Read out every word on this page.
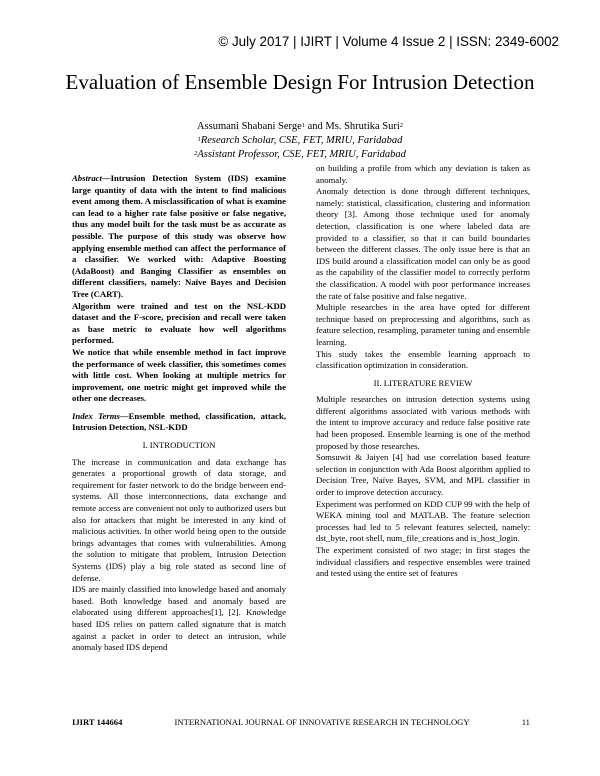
© July 2017 | IJIRT | Volume 4 Issue 2 | ISSN: 2349-6002
Evaluation of Ensemble Design For Intrusion Detection
Assumani Shabani Serge$^1$ and Ms. Shrutika Suri$^2$
$^1$Research Scholar, CSE, FET, MRIU, Faridabad
$^2$Assistant Professor, CSE, FET, MRIU, Faridabad

Abstract—Intrusion Detection System (IDS) examine large quantity of data with the intent to find malicious event among them. A misclassification of what is examine can lead to a higher rate false positive or false negative, thus any model built for the task must be as accurate as possible. The purpose of this study was observe how applying ensemble method can affect the performance of a classifier. We worked with: Adaptive Boosting (AdaBoost) and Banging Classifier as ensembles on different classifiers, namely: Naïve Bayes and Decision Tree (CART).

Algorithm were trained and test on the NSL-KDD dataset and the F-score, precision and recall were taken as base metric to evaluate how well algorithms performed.

We notice that while ensemble method in fact improve the performance of week classifier, this sometimes comes with little cost. When looking at multiple metrics for improvement, one metric might get improved while the other one decreases.

Index Terms—Ensemble method, classification, attack, Intrusion Detection, NSL-KDD

I. INTRODUCTION

The increase in communication and data exchange has generates a proportional growth of data storage, and requirement for faster network to do the bridge between end-systems. All those interconnections, data exchange and remote access are convenient not only to authorized users but also for attackers that might be interested in any kind of malicious activities. In other world being open to the outside brings advantages that comes with vulnerabilities. Among the solution to mitigate that problem, Intrusion Detection Systems (IDS) play a big role stated as second line of defense.

IDS are mainly classified into knowledge based and anomaly based. Both knowledge based and anomaly based are elaborated using different approaches[1], [2]. Knowledge based IDS relies on pattern called signature that is match against a packet in order to detect an intrusion, while anomaly based IDS depend

on building a profile from which any deviation is taken as anomaly.

Anomaly detection is done through different techniques, namely: statistical, classification, clustering and information theory [3]. Among those technique used for anomaly detection, classification is one where labeled data are provided to a classifier, so that it can build boundaries between the different classes. The only issue here is that an IDS build around a classification model can only be as good as the capability of the classifier model to correctly perform the classification. A model with poor performance increases the rate of false positive and false negative.

Multiple researches in the area have opted for different technique based on preprocessing and algorithms, such as feature selection, resampling, parameter tuning and ensemble learning.

This study takes the ensemble learning approach to classification optimization in consideration.

II. LITERATURE REVIEW

Multiple researches on intrusion detection systems using different algorithms associated with various methods with the intent to improve accuracy and reduce false positive rate had been proposed. Ensemble learning is one of the method proposed by those researches.

Somsuwit & Jaiyen [4] had use correlation based feature selection in conjunction with Ada Boost algorithm applied to Decision Tree, Naïve Bayes, SVM, and MPL classifier in order to improve detection accuracy.

Experiment was performed on KDD CUP 99 with the help of WEKA mining tool and MATLAB. The feature selection processes had led to 5 relevant features selected, namely: dst_byte, root shell, num_file_creations and is_host_login.

The experiment consisted of two stage; in first stages the individual classifiers and respective ensembles were trained and tested using the entire set of features

IJIRT 144664	INTERNATIONAL JOURNAL OF INNOVATIVE RESEARCH IN TECHNOLOGY	11
